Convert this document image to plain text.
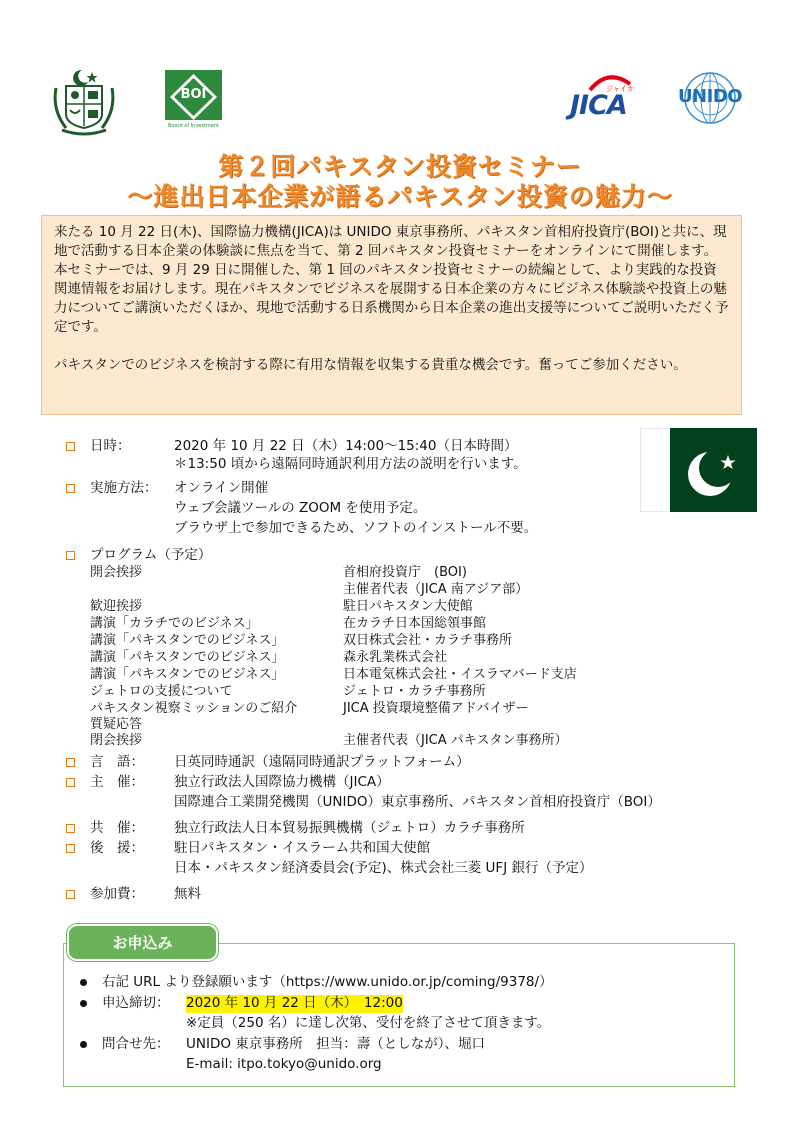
BOI
Board of Investment
ジャイカ
JICA	UNIDO
第２回パキスタン投資セミナー
～進出日本企業が語るパキスタン投資の魅力～

来たる 10 月 22 日(木)、国際協力機構(JICA)は UNIDO 東京事務所、パキスタン首相府投資庁(BOI)と共に、現地で活動する日本企業の体験談に焦点を当て、第 2 回パキスタン投資セミナーをオンラインにて開催します。

本セミナーでは、9 月 29 日に開催した、第 1 回のパキスタン投資セミナーの続編として、より実践的な投資関連情報をお届けします。現在パキスタンでビジネスを展開する日本企業の方々にビジネス体験談や投資上の魅力についてご講演いただくほか、現地で活動する日系機関から日本企業の進出支援等についてご説明いただく予定です。

パキスタンでのビジネスを検討する際に有用な情報を収集する貴重な機会です。奮ってご参加ください。

日時：	2020 年 10 月 22 日（木）14:00～15:40（日本時間）
＊13:50 頃から遠隔同時通訳利用方法の説明を行います。
実施方法： オンライン開催
ウェブ会議ツールの ZOOM を使用予定。
ブラウザ上で参加できるため、ソフトのインストール不要。
プログラム（予定）
開会挨拶	首相府投資庁　(BOI)
主催者代表（JICA 南アジア部）
歓迎挨拶	駐日パキスタン大使館
講演「カラチでのビジネス」	在カラチ日本国総領事館
講演「パキスタンでのビジネス」	双日株式会社・カラチ事務所
講演「パキスタンでのビジネス」	森永乳業株式会社
講演「パキスタンでのビジネス」	日本電気株式会社・イスラマバード支店
ジェトロの支援について	ジェトロ・カラチ事務所
パキスタン視察ミッションのご紹介	JICA 投資環境整備アドバイザー
質疑応答
閉会挨拶	主催者代表（JICA パキスタン事務所）
言　語： 日英同時通訳（遠隔同時通訳プラットフォーム）
主　催： 独立行政法人国際協力機構（JICA）
国際連合工業開発機関（UNIDO）東京事務所、パキスタン首相府投資庁（BOI）
共　催： 独立行政法人日本貿易振興機構（ジェトロ）カラチ事務所
後　援： 駐日パキスタン・イスラーム共和国大使館
日本・パキスタン経済委員会(予定)、株式会社三菱 UFJ 銀行（予定）
参加費： 無料
お申込み
右記 URL より登録願います（https://www.unido.or.jp/coming/9378/）
申込締切： 2020 年 10 月 22 日（木）　12:00
※定員（250 名）に達し次第、受付を終了させて頂きます。
問合せ先： UNIDO 東京事務所　担当：壽（としなが）、堀口
E-mail: itpo.tokyo@unido.org
